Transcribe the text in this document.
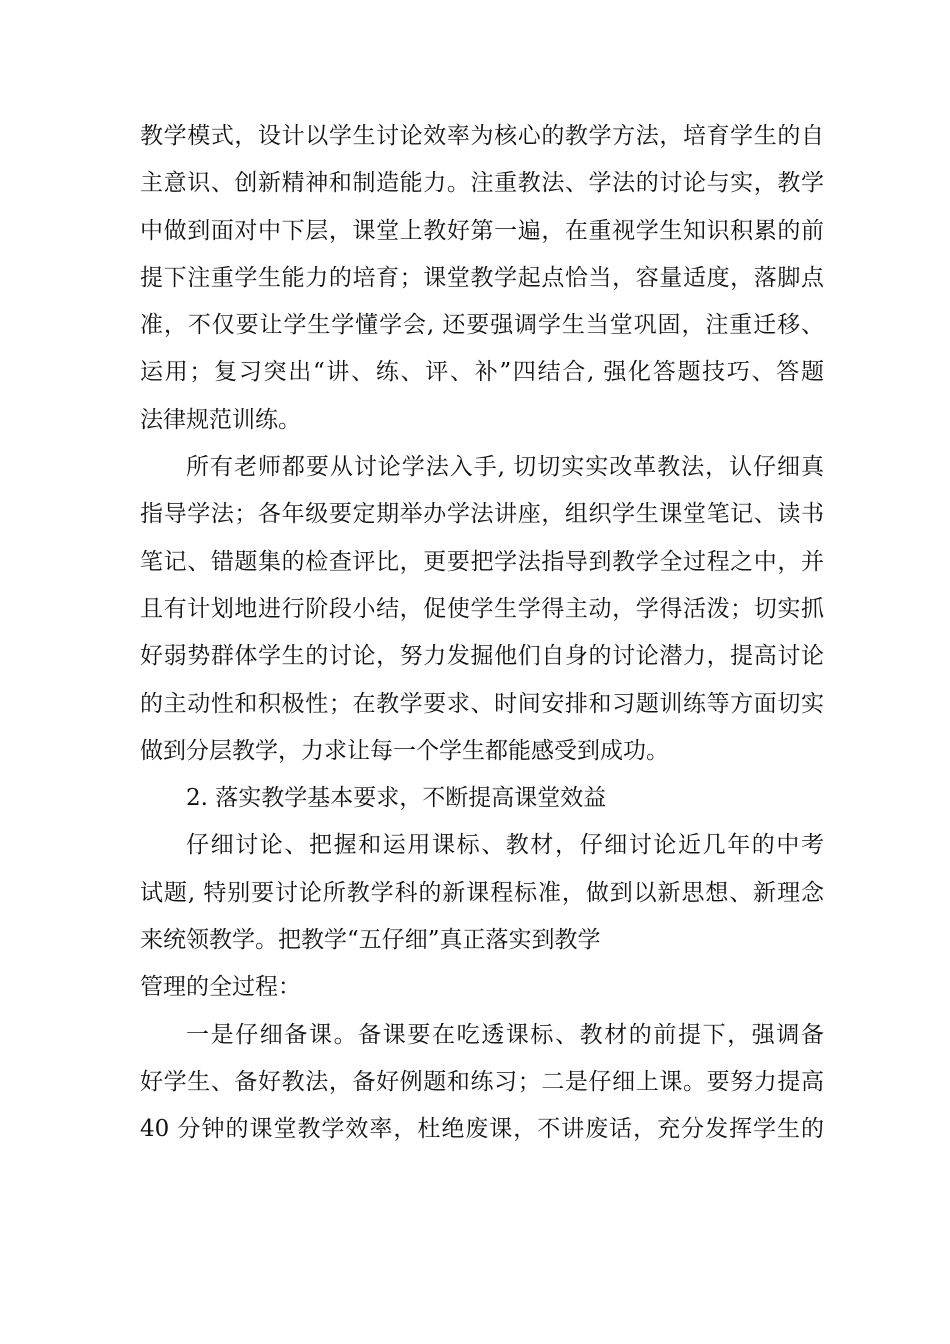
教学模式，设计以学生讨论效率为核心的教学方法，培育学生的自
主意识、创新精神和制造能力。注重教法、学法的讨论与实，教学
中做到面对中下层，课堂上教好第一遍，在重视学生知识积累的前
提下注重学生能力的培育；课堂教学起点恰当，容量适度，落脚点
准，不仅要让学生学懂学会, 还要强调学生当堂巩固，注重迁移、
运用；复习突出“讲、练、评、补”四结合, 强化答题技巧、答题
法律规范训练。
所有老师都要从讨论学法入手, 切切实实改革教法，认仔细真
指导学法；各年级要定期举办学法讲座，组织学生课堂笔记、读书
笔记、错题集的检查评比，更要把学法指导到教学全过程之中，并
且有计划地进行阶段小结，促使学生学得主动，学得活泼；切实抓
好弱势群体学生的讨论，努力发掘他们自身的讨论潜力，提高讨论
的主动性和积极性；在教学要求、时间安排和习题训练等方面切实
做到分层教学，力求让每一个学生都能感受到成功。
2. 落实教学基本要求，不断提高课堂效益
仔细讨论、把握和运用课标、教材，仔细讨论近几年的中考
试题, 特别要讨论所教学科的新课程标准，做到以新思想、新理念
来统领教学。把教学“五仔细”真正落实到教学
管理的全过程：
一是仔细备课。备课要在吃透课标、教材的前提下，强调备
好学生、备好教法，备好例题和练习；二是仔细上课。要努力提高
40 分钟的课堂教学效率，杜绝废课，不讲废话，充分发挥学生的
